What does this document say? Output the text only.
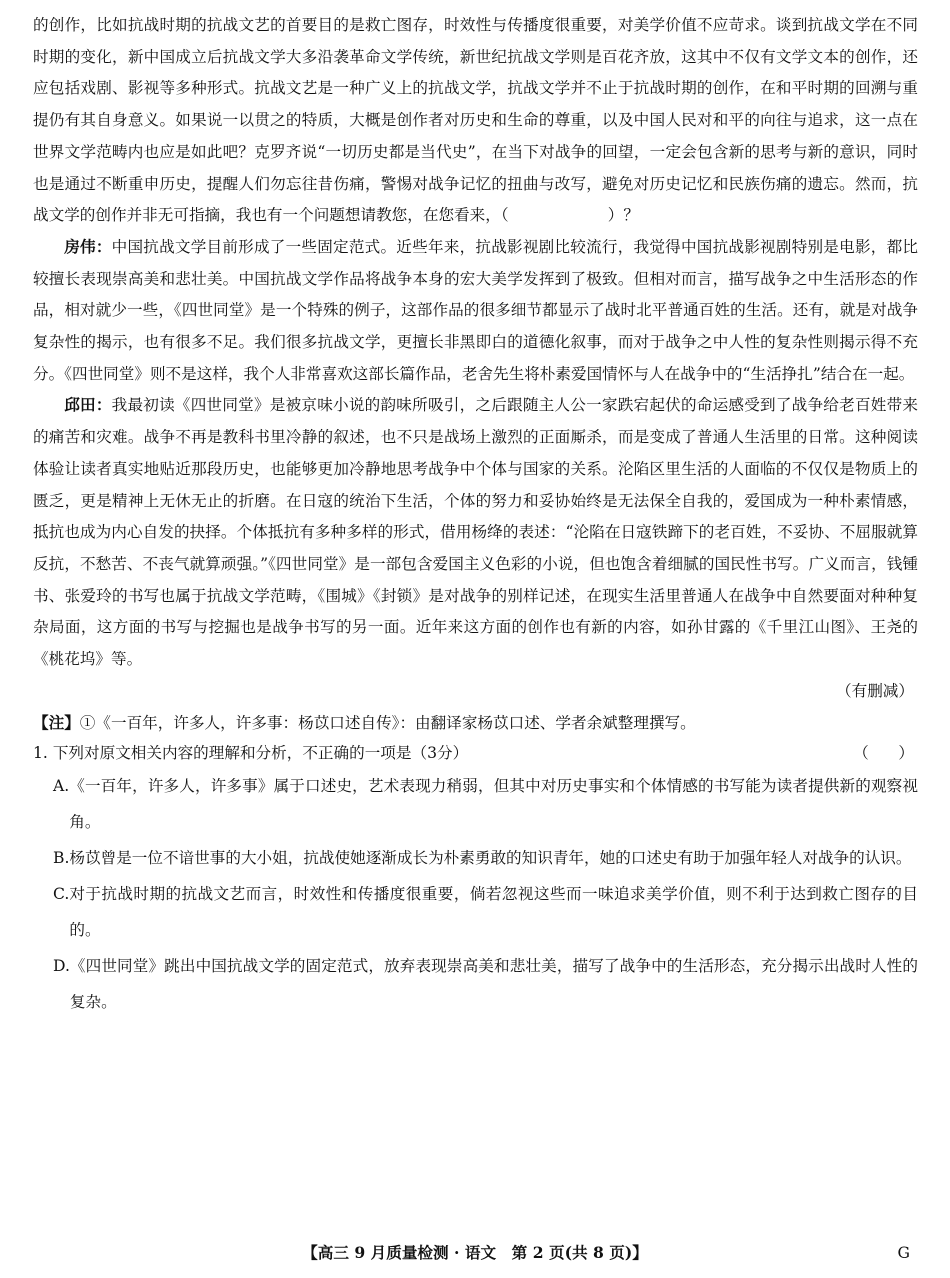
的创作，比如抗战时期的抗战文艺的首要目的是救亡图存，时效性与传播度很重要，对美学价值不应苛求。谈到抗战文学在不同时期的变化，新中国成立后抗战文学大多沿袭革命文学传统，新世纪抗战文学则是百花齐放，这其中不仅有文学文本的创作，还应包括戏剧、影视等多种形式。抗战文艺是一种广义上的抗战文学，抗战文学并不止于抗战时期的创作，在和平时期的回溯与重提仍有其自身意义。如果说一以贯之的特质，大概是创作者对历史和生命的尊重，以及中国人民对和平的向往与追求，这一点在世界文学范畴内也应是如此吧？克罗齐说“一切历史都是当代史”，在当下对战争的回望，一定会包含新的思考与新的意识，同时也是通过不断重申历史，提醒人们勿忘往昔伤痛，警惕对战争记忆的扭曲与改写，避免对历史记忆和民族伤痛的遗忘。然而，抗战文学的创作并非无可指摘，我也有一个问题想请教您，在您看来，（	）？

房伟：中国抗战文学目前形成了一些固定范式。近些年来，抗战影视剧比较流行，我觉得中国抗战影视剧特别是电影，都比较擅长表现崇高美和悲壮美。中国抗战文学作品将战争本身的宏大美学发挥到了极致。但相对而言，描写战争之中生活形态的作品，相对就少一些，《四世同堂》是一个特殊的例子，这部作品的很多细节都显示了战时北平普通百姓的生活。还有，就是对战争复杂性的揭示，也有很多不足。我们很多抗战文学，更擅长非黑即白的道德化叙事，而对于战争之中人性的复杂性则揭示得不充分。《四世同堂》则不是这样，我个人非常喜欢这部长篇作品，老舍先生将朴素爱国情怀与人在战争中的“生活挣扎”结合在一起。

邱田：我最初读《四世同堂》是被京味小说的韵味所吸引，之后跟随主人公一家跌宕起伏的命运感受到了战争给老百姓带来的痛苦和灾难。战争不再是教科书里冷静的叙述，也不只是战场上激烈的正面厮杀，而是变成了普通人生活里的日常。这种阅读体验让读者真实地贴近那段历史，也能够更加冷静地思考战争中个体与国家的关系。沦陷区里生活的人面临的不仅仅是物质上的匮乏，更是精神上无休无止的折磨。在日寇的统治下生活，个体的努力和妥协始终是无法保全自我的，爱国成为一种朴素情感，抵抗也成为内心自发的抉择。个体抵抗有多种多样的形式，借用杨绛的表述：“沦陷在日寇铁蹄下的老百姓，不妥协、不屈服就算反抗，不愁苦、不丧气就算顽强。”《四世同堂》是一部包含爱国主义色彩的小说，但也饱含着细腻的国民性书写。广义而言，钱锺书、张爱玲的书写也属于抗战文学范畴，《围城》《封锁》是对战争的别样记述，在现实生活里普通人在战争中自然要面对种种复杂局面，这方面的书写与挖掘也是战争书写的另一面。近年来这方面的创作也有新的内容，如孙甘露的《千里江山图》、王尧的《桃花坞》等。

（有删减）

【注】①《一百年，许多人，许多事：杨苡口述自传》：由翻译家杨苡口述、学者余斌整理撰写。

1. 下列对原文相关内容的理解和分析，不正确的一项是（3分）	（      ）

A. 《一百年，许多人，许多事》属于口述史，艺术表现力稍弱，但其中对历史事实和个体情感的书写能为读者提供新的观察视角。

B. 杨苡曾是一位不谙世事的大小姐，抗战使她逐渐成长为朴素勇敢的知识青年，她的口述史有助于加强年轻人对战争的认识。

C. 对于抗战时期的抗战文艺而言，时效性和传播度很重要，倘若忽视这些而一味追求美学价值，则不利于达到救亡图存的目的。

D. 《四世同堂》跳出中国抗战文学的固定范式，放弃表现崇高美和悲壮美，描写了战争中的生活形态，充分揭示出战时人性的复杂。

【高三 9 月质量检测 · 语文　第 2 页(共 8 页)】	G
